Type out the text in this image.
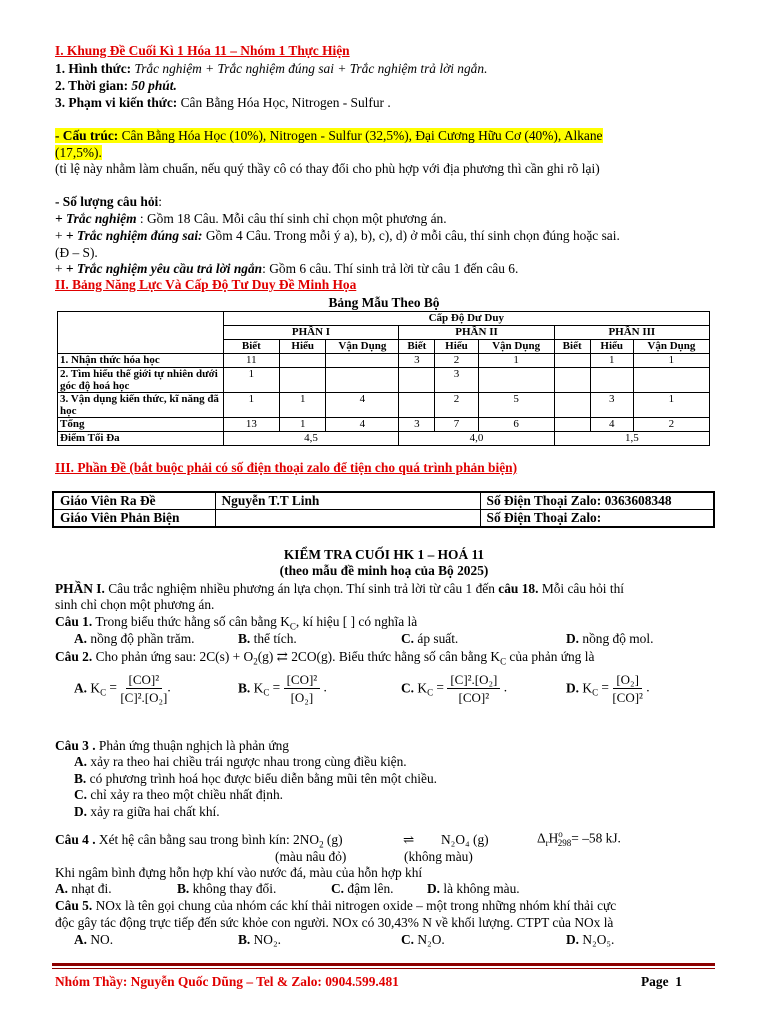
I. Khung Đề Cuối Kì 1 Hóa 11 – Nhóm 1 Thực Hiện
1. Hình thức: Trắc nghiệm + Trắc nghiệm đúng sai + Trắc nghiệm trả lời ngắn.
2. Thời gian: 50 phút.
3. Phạm vi kiến thức: Cân Bằng Hóa Học, Nitrogen - Sulfur .
- Cấu trúc: Cân Bằng Hóa Học (10%), Nitrogen - Sulfur (32,5%), Đại Cương Hữu Cơ (40%), Alkane
(17,5%).
(tỉ lệ này nhằm làm chuẩn, nếu quý thầy cô có thay đổi cho phù hợp với địa phương thì cần ghi rõ lại)
- Số lượng câu hỏi:
+ Trắc nghiệm : Gồm 18 Câu. Mỗi câu thí sinh chỉ chọn một phương án.
+ + Trắc nghiệm đúng sai: Gồm 4 Câu. Trong mỗi ý a), b), c), d) ở mỗi câu, thí sinh chọn đúng hoặc sai.
(Đ – S).
+ + Trắc nghiệm yêu cầu trả lời ngắn: Gồm 6 câu. Thí sinh trả lời từ câu 1 đến câu 6.
II. Bảng Năng Lực Và Cấp Độ Tư Duy Đề Minh Họa
Bảng Mẫu Theo Bộ
	Cấp Độ Dư Duy								
	PHẦN I			PHẦN II			PHẦN III		
	Biết	Hiểu	Vận Dụng	Biết	Hiểu	Vận Dụng	Biết	Hiểu	Vận Dụng
1. Nhận thức hóa học	11			3	2	1		1	1
2. Tìm hiểu thế giới tự nhiên dưới góc độ hoá học	1				3				
3. Vận dụng kiến thức, kĩ năng đã học	1	1	4		2	5		3	1
Tổng	13	1	4	3	7	6		4	2
Điểm Tối Đa	4,5			4,0			1,5		
III. Phần Đề (bắt buộc phải có số điện thoại zalo để tiện cho quá trình phản biện)
Giáo Viên Ra Đề	Nguyễn T.T Linh	Số Điện Thoại Zalo: 0363608348
Giáo Viên Phản Biện		Số Điện Thoại Zalo:
KIỂM TRA CUỐI HK 1 – HOÁ 11
(theo mẫu đề minh hoạ của Bộ 2025)
PHẦN I. Câu trắc nghiệm nhiều phương án lựa chọn. Thí sinh trả lời từ câu 1 đến câu 18. Mỗi câu hỏi thí
sinh chỉ chọn một phương án.
Câu 1. Trong biểu thức hằng số cân bằng $K_C$, kí hiệu [ ] có nghĩa là
A. nồng độ phần trăm.	B. thể tích.	C. áp suất.	D. nồng độ mol.
Câu 2. Cho phản ứng sau: $2C(s) + O_2(g)$ ⇄ 2CO(g). Biểu thức hằng số cân bằng $K_C$ của phản ứng là
A. $K_C = \frac{\text{[CO]²}}{\text{[C]².[O₂]}}$ .	B. $K_C = \frac{\text{[CO]²}}{\text{[O₂]}}$ .	C. $K_C = \frac{\text{[C]².[O₂]}}{\text{[CO]²}}$ .	D. $K_C = \frac{\text{[O₂]}}{\text{[CO]²}}$ .
Câu 3 . Phản ứng thuận nghịch là phản ứng
A. xảy ra theo hai chiều trái ngược nhau trong cùng điều kiện.
B. có phương trình hoá học được biểu diễn bằng mũi tên một chiều.
C. chỉ xảy ra theo một chiều nhất định.
D. xảy ra giữa hai chất khí.
Câu 4 . Xét hệ cân bằng sau trong bình kín: $2NO_2$ (g)	⇌ N₂O₄ (g)	$\Delta_rH^o_{298}= -58$ kJ.
(màu nâu đỏ)	(không màu)
Khi ngâm bình đựng hỗn hợp khí vào nước đá, màu của hỗn hợp khí
A. nhạt đi.	B. không thay đổi.	C. đậm lên.	D. là không màu.
Câu 5. NOx là tên gọi chung của nhóm các khí thải nitrogen oxide – một trong những nhóm khí thải cực
độc gây tác động trực tiếp đến sức khỏe con người. NOx có 30,43% N về khối lượng. CTPT của NOx là
A. NO.	B. NO₂.	C. N₂O.	D. N₂O₅.
Nhóm Thầy: Nguyễn Quốc Dũng – Tel & Zalo: 0904.599.481	Page 1
